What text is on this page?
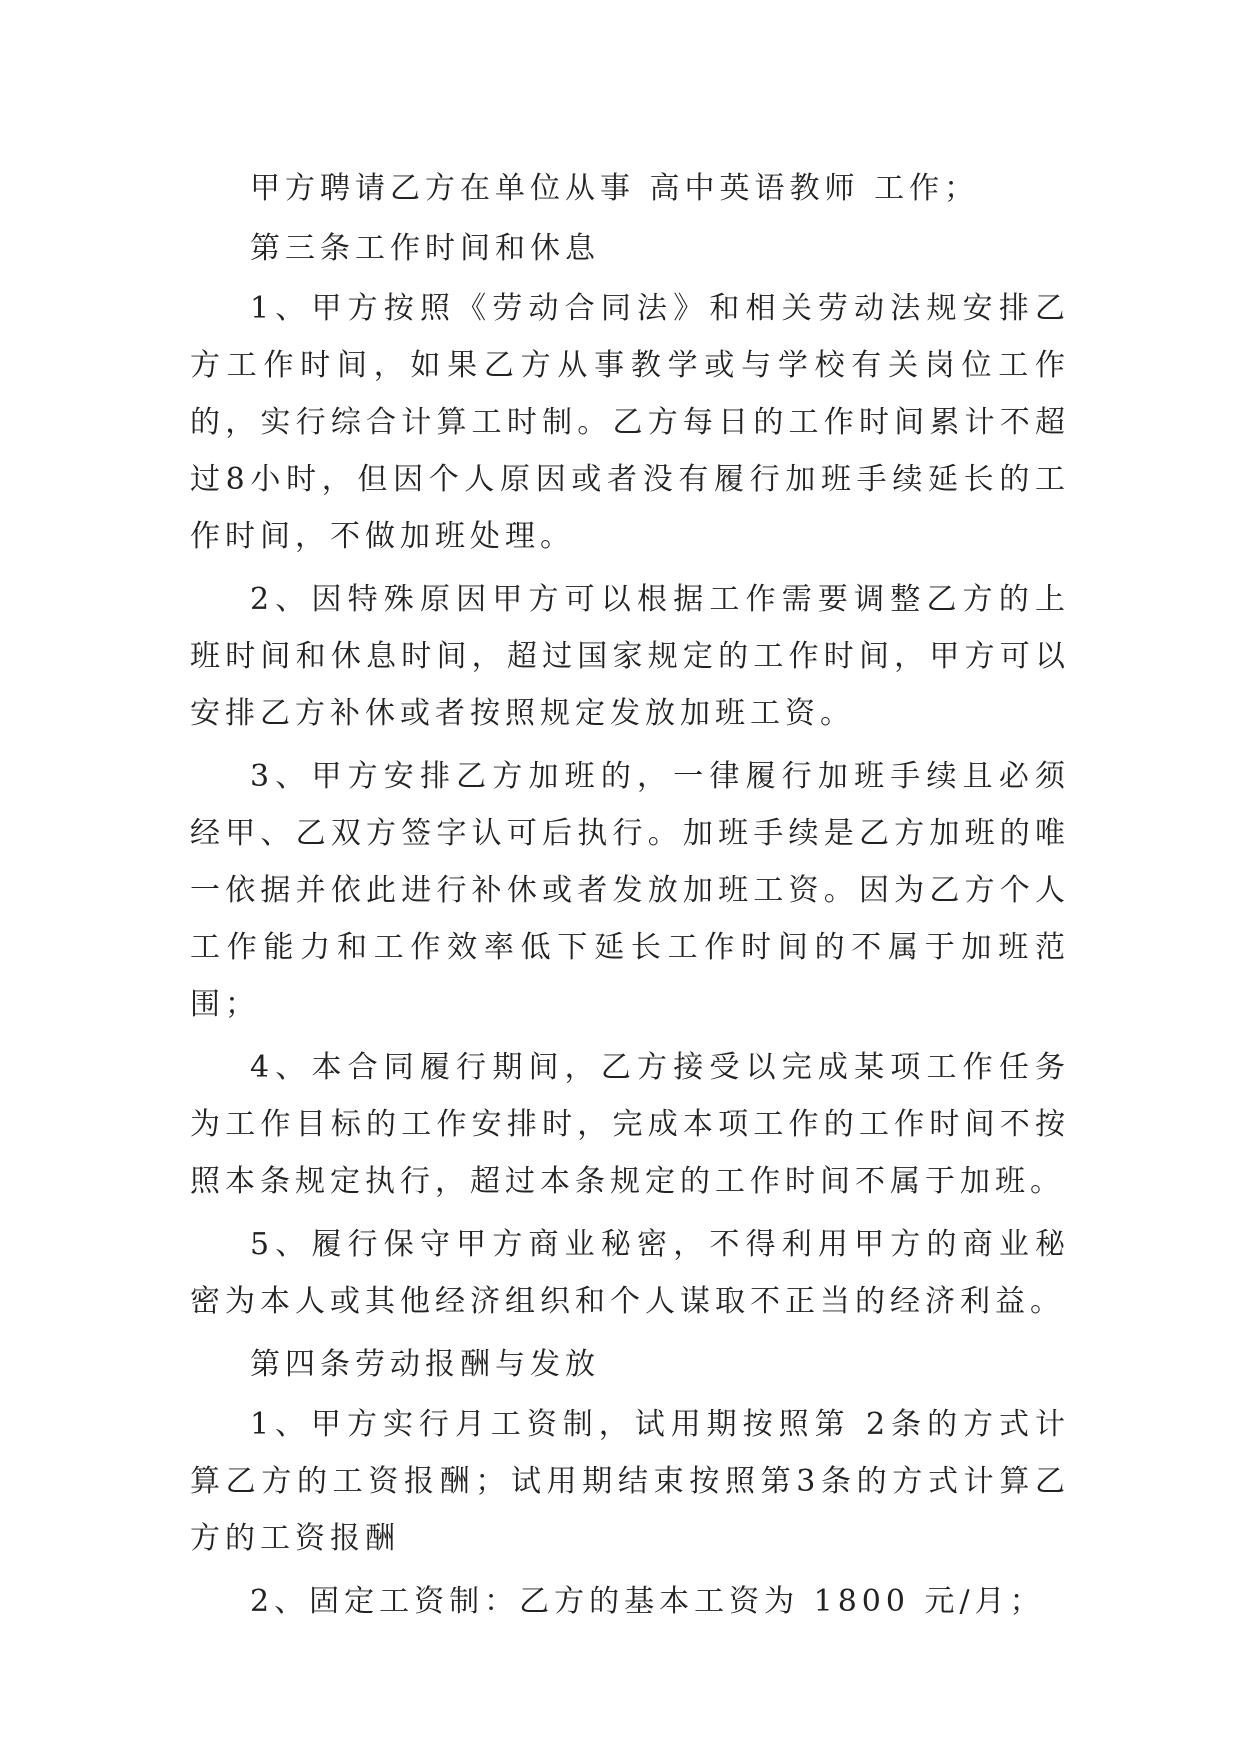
甲方聘请乙方在单位从事 高中英语教师 工作；

第三条工作时间和休息

1、甲方按照《劳动合同法》和相关劳动法规安排乙方工作时间，如果乙方从事教学或与学校有关岗位工作的，实行综合计算工时制。乙方每日的工作时间累计不超过8小时，但因个人原因或者没有履行加班手续延长的工作时间，不做加班处理。

2、因特殊原因甲方可以根据工作需要调整乙方的上班时间和休息时间，超过国家规定的工作时间，甲方可以安排乙方补休或者按照规定发放加班工资。

3、甲方安排乙方加班的，一律履行加班手续且必须经甲、乙双方签字认可后执行。加班手续是乙方加班的唯一依据并依此进行补休或者发放加班工资。因为乙方个人工作能力和工作效率低下延长工作时间的不属于加班范围；

4、本合同履行期间，乙方接受以完成某项工作任务为工作目标的工作安排时，完成本项工作的工作时间不按照本条规定执行，超过本条规定的工作时间不属于加班。

5、履行保守甲方商业秘密，不得利用甲方的商业秘密为本人或其他经济组织和个人谋取不正当的经济利益。

第四条劳动报酬与发放

1、甲方实行月工资制，试用期按照第 2条的方式计算乙方的工资报酬；试用期结束按照第3条的方式计算乙方的工资报酬

2、固定工资制：乙方的基本工资为 1800 元/月；
